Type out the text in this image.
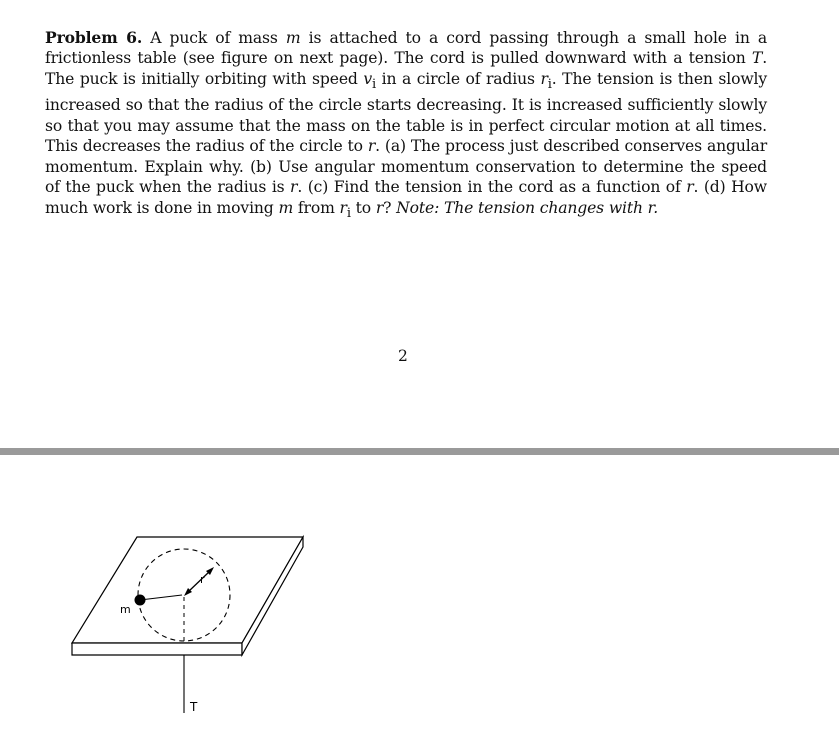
Problem 6. A puck of mass m is attached to a cord passing through a small hole in a frictionless table (see figure on next page). The cord is pulled downward with a tension T. The puck is initially orbiting with speed $v_i$ in a circle of radius $r_i$. The tension is then slowly increased so that the radius of the circle starts decreasing. It is increased sufficiently slowly so that you may assume that the mass on the table is in perfect circular motion at all times. This decreases the radius of the circle to r. (a) The process just described conserves angular momentum. Explain why. (b) Use angular momentum conservation to determine the speed of the puck when the radius is r. (c) Find the tension in the cord as a function of r. (d) How much work is done in moving m from $r_i$ to r? Note: The tension changes with r.

2
m
r
T
